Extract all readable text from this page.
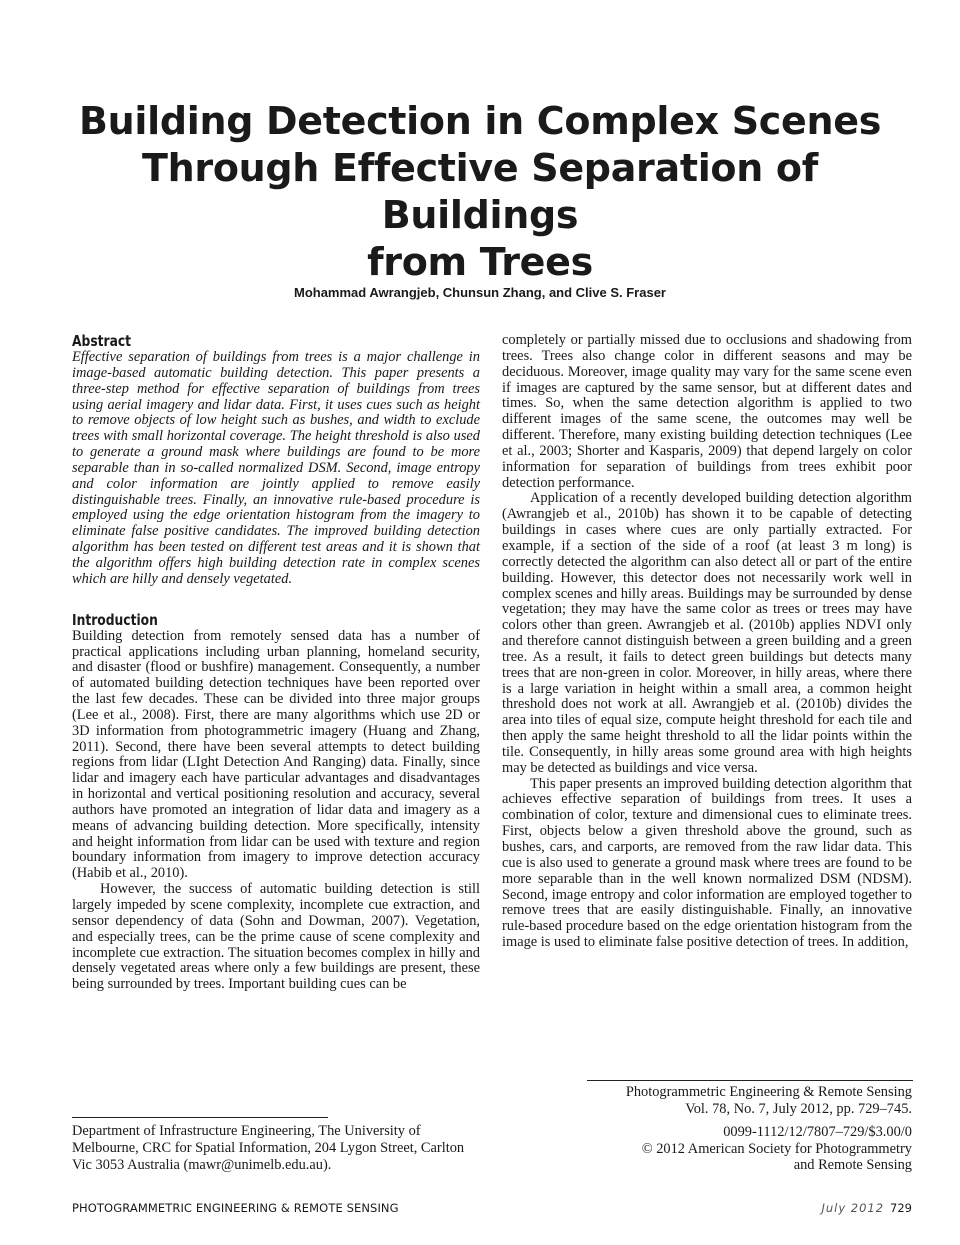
Building Detection in Complex Scenes
Through Effective Separation of Buildings
from Trees
Mohammad Awrangjeb, Chunsun Zhang, and Clive S. Fraser
Abstract

Effective separation of buildings from trees is a major challenge in image-based automatic building detection. This paper presents a three-step method for effective separation of buildings from trees using aerial imagery and lidar data. First, it uses cues such as height to remove objects of low height such as bushes, and width to exclude trees with small horizontal coverage. The height threshold is also used to generate a ground mask where buildings are found to be more separable than in so-called normalized DSM. Second, image entropy and color information are jointly applied to remove easily distinguishable trees. Finally, an innovative rule-based procedure is employed using the edge orientation histogram from the imagery to eliminate false positive candidates. The improved building detection algorithm has been tested on different test areas and it is shown that the algorithm offers high building detection rate in complex scenes which are hilly and densely vegetated.

Introduction

Building detection from remotely sensed data has a number of practical applications including urban planning, homeland security, and disaster (flood or bushfire) management. Consequently, a number of automated building detection techniques have been reported over the last few decades. These can be divided into three major groups (Lee et al., 2008). First, there are many algorithms which use 2D or 3D information from photogrammetric imagery (Huang and Zhang, 2011). Second, there have been several attempts to detect building regions from lidar (LIght Detection And Ranging) data. Finally, since lidar and imagery each have particular advantages and disadvantages in horizontal and vertical positioning resolution and accuracy, several authors have promoted an integration of lidar data and imagery as a means of advancing building detection. More specifically, intensity and height information from lidar can be used with texture and region boundary information from imagery to improve detection accuracy (Habib et al., 2010).

However, the success of automatic building detection is still largely impeded by scene complexity, incomplete cue extraction, and sensor dependency of data (Sohn and Dowman, 2007). Vegetation, and especially trees, can be the prime cause of scene complexity and incomplete cue extraction. The situation becomes complex in hilly and densely vegetated areas where only a few buildings are present, these being surrounded by trees. Important building cues can be

completely or partially missed due to occlusions and shadowing from trees. Trees also change color in different seasons and may be deciduous. Moreover, image quality may vary for the same scene even if images are captured by the same sensor, but at different dates and times. So, when the same detection algorithm is applied to two different images of the same scene, the outcomes may well be different. Therefore, many existing building detection techniques (Lee et al., 2003; Shorter and Kasparis, 2009) that depend largely on color information for separation of buildings from trees exhibit poor detection performance.

Application of a recently developed building detection algorithm (Awrangjeb et al., 2010b) has shown it to be capable of detecting buildings in cases where cues are only partially extracted. For example, if a section of the side of a roof (at least 3 m long) is correctly detected the algorithm can also detect all or part of the entire building. However, this detector does not necessarily work well in complex scenes and hilly areas. Buildings may be surrounded by dense vegetation; they may have the same color as trees or trees may have colors other than green. Awrangjeb et al. (2010b) applies NDVI only and therefore cannot distinguish between a green building and a green tree. As a result, it fails to detect green buildings but detects many trees that are non-green in color. Moreover, in hilly areas, where there is a large variation in height within a small area, a common height threshold does not work at all. Awrangjeb et al. (2010b) divides the area into tiles of equal size, compute height threshold for each tile and then apply the same height threshold to all the lidar points within the tile. Consequently, in hilly areas some ground area with high heights may be detected as buildings and vice versa.

This paper presents an improved building detection algorithm that achieves effective separation of buildings from trees. It uses a combination of color, texture and dimensional cues to eliminate trees. First, objects below a given threshold above the ground, such as bushes, cars, and carports, are removed from the raw lidar data. This cue is also used to generate a ground mask where trees are found to be more separable than in the well known normalized DSM (NDSM). Second, image entropy and color information are employed together to remove trees that are easily distinguishable. Finally, an innovative rule-based procedure based on the edge orientation histogram from the image is used to eliminate false positive detection of trees. In addition,

Photogrammetric Engineering & Remote Sensing
Vol. 78, No. 7, July 2012, pp. 729–745.
0099-1112/12/7807–729/$3.00/0
© 2012 American Society for Photogrammetry
and Remote Sensing
Department of Infrastructure Engineering, The University of Melbourne, CRC for Spatial Information, 204 Lygon Street, Carlton Vic 3053 Australia (mawr@unimelb.edu.au).
PHOTOGRAMMETRIC ENGINEERING & REMOTE SENSING	July 2012 729
